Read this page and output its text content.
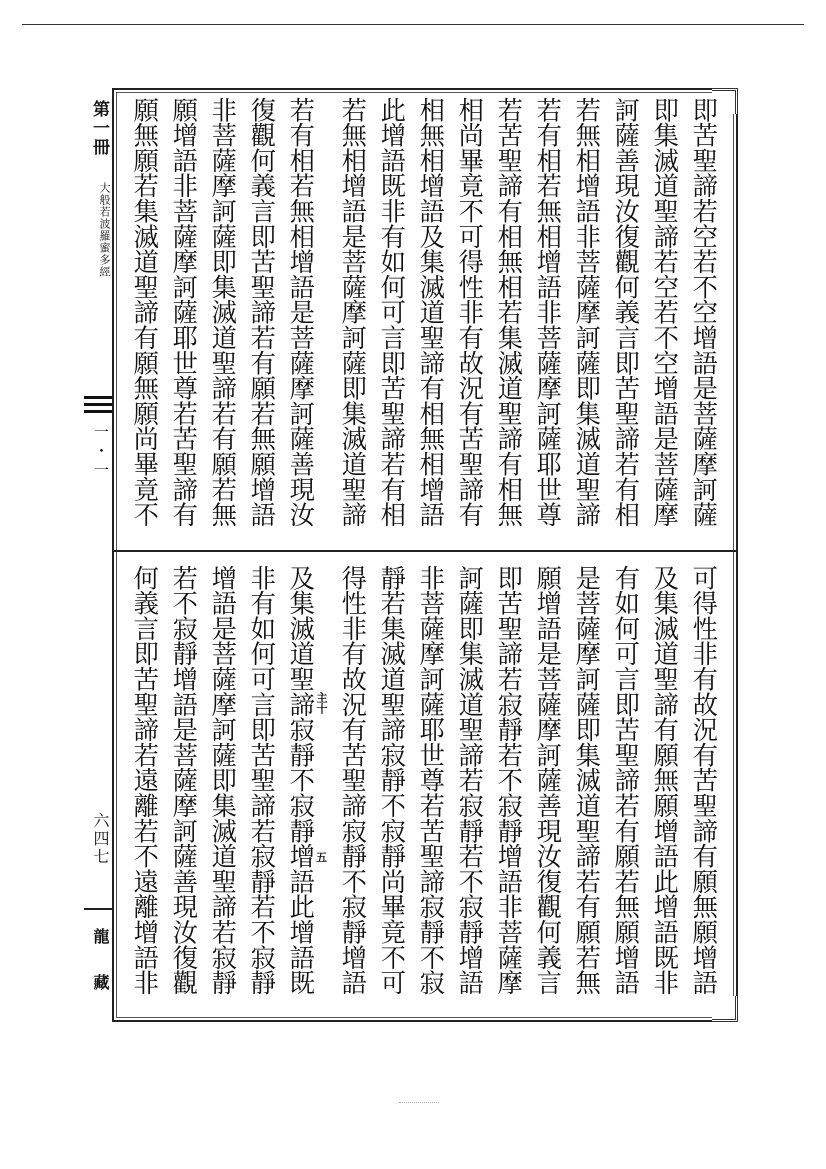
第一冊
大般若波羅蜜多經
一・一
六四七
龍藏
即苦聖諦若空若不空增語是菩薩摩訶薩
即集滅道聖諦若空若不空增語是菩薩摩
訶薩善現汝復觀何義言即苦聖諦若有相
若無相增語非菩薩摩訶薩即集滅道聖諦
若有相若無相增語非菩薩摩訶薩耶世尊
若苦聖諦有相無相若集滅道聖諦有相無
相尚畢竟不可得性非有故況有苦聖諦有
相無相增語及集滅道聖諦有相無相增語
此增語既非有如何可言即苦聖諦若有相
若無相增語是菩薩摩訶薩即集滅道聖諦
若有相若無相增語是菩薩摩訶薩善現汝
復觀何義言即苦聖諦若有願若無願增語
非菩薩摩訶薩即集滅道聖諦若有願若無
願增語非菩薩摩訶薩耶世尊若苦聖諦有
願無願若集滅道聖諦有願無願尚畢竟不
可得性非有故況有苦聖諦有願無願增語
及集滅道聖諦有願無願增語此增語既非
有如何可言即苦聖諦若有願若無願增語
是菩薩摩訶薩即集滅道聖諦若有願若無
願增語是菩薩摩訶薩善現汝復觀何義言
即苦聖諦若寂靜若不寂靜增語非菩薩摩
訶薩即集滅道聖諦若寂靜若不寂靜增語
非菩薩摩訶薩耶世尊若苦聖諦寂靜不寂
靜若集滅道聖諦寂靜不寂靜尚畢竟不可
得性非有故況有苦聖諦寂靜不寂靜增語
及集滅道聖諦寂靜不寂靜增語此增語既
非有如何可言即苦聖諦若寂靜若不寂靜
增語是菩薩摩訶薩即集滅道聖諦若寂靜
若不寂靜增語是菩薩摩訶薩善現汝復觀
何義言即苦聖諦若遠離若不遠離增語非	主十
五
